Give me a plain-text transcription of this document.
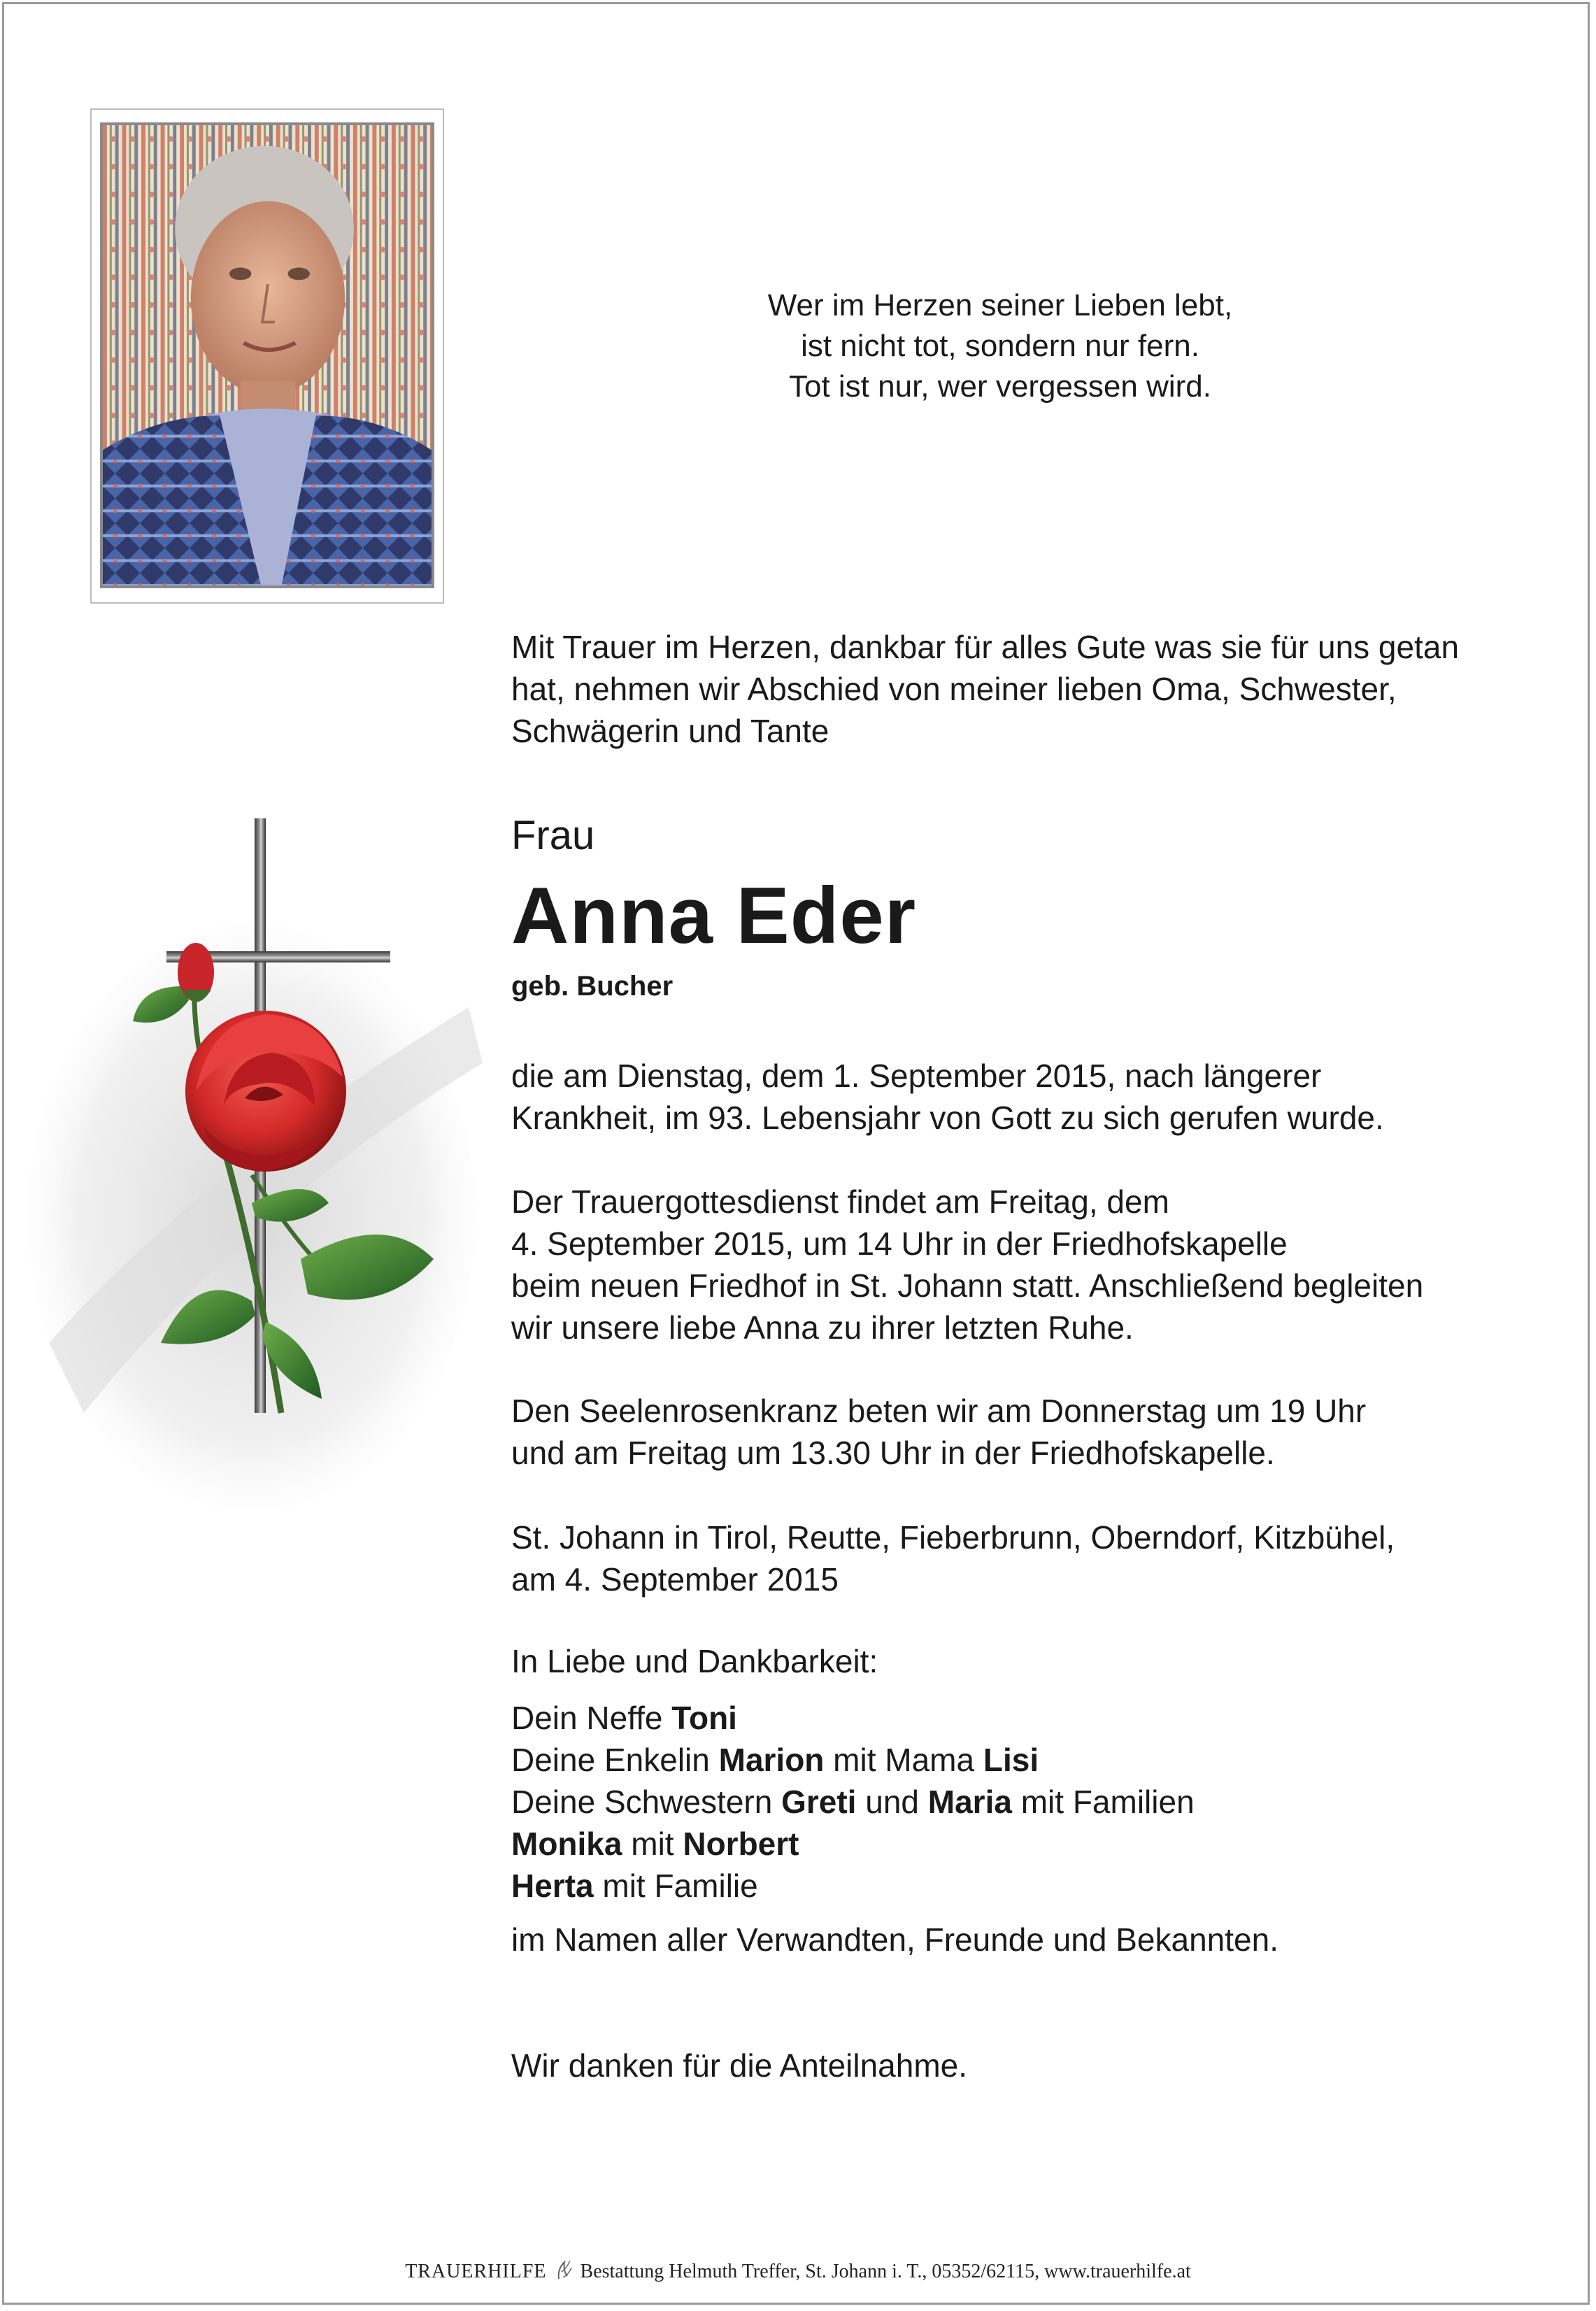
Wer im Herzen seiner Lieben lebt,
ist nicht tot, sondern nur fern.
Tot ist nur, wer vergessen wird.
Mit Trauer im Herzen, dankbar für alles Gute was sie für uns getan
hat, nehmen wir Abschied von meiner lieben Oma, Schwester,
Schwägerin und Tante
Frau
Anna Eder
geb. Bucher
die am Dienstag, dem 1. September 2015, nach längerer
Krankheit, im 93. Lebensjahr von Gott zu sich gerufen wurde.
Der Trauergottesdienst findet am Freitag, dem
4. September 2015, um 14 Uhr in der Friedhofskapelle
beim neuen Friedhof in St. Johann statt. Anschließend begleiten
wir unsere liebe Anna zu ihrer letzten Ruhe.
Den Seelenrosenkranz beten wir am Donnerstag um 19 Uhr
und am Freitag um 13.30 Uhr in der Friedhofskapelle.
St. Johann in Tirol, Reutte, Fieberbrunn, Oberndorf, Kitzbühel,
am 4. September 2015
In Liebe und Dankbarkeit:
Dein Neffe Toni
Deine Enkelin Marion mit Mama Lisi
Deine Schwestern Greti und Maria mit Familien
Monika mit Norbert
Herta mit Familie
im Namen aller Verwandten, Freunde und Bekannten.
Wir danken für die Anteilnahme.
TRAUERHILFE Bestattung Helmuth Treffer, St. Johann i. T., 05352/62115, www.trauerhilfe.at
